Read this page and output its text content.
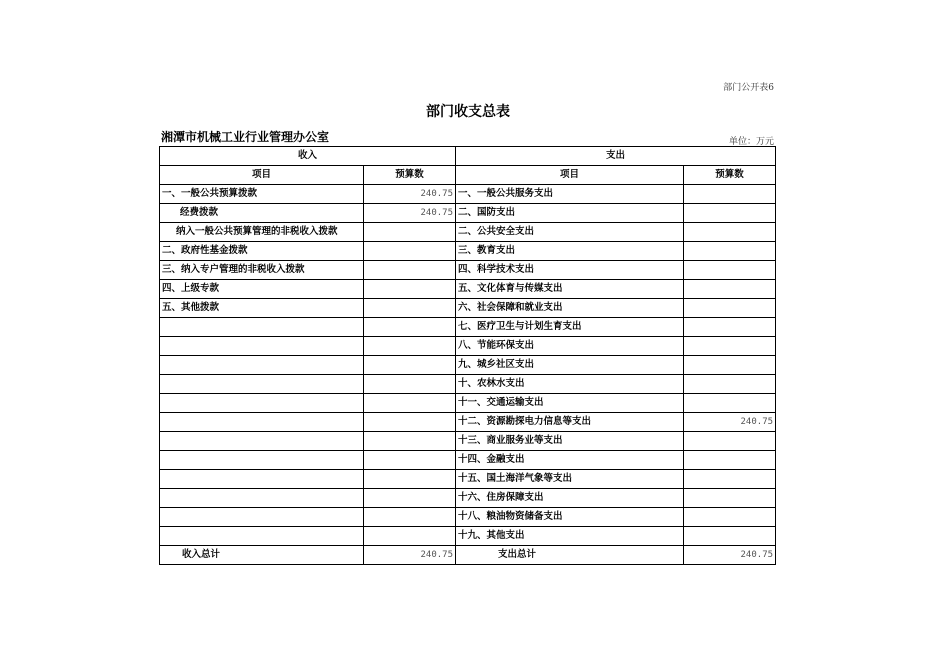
部门公开表6
部门收支总表
湘潭市机械工业行业管理办公室	单位：万元
收入		支出	
项目	预算数	项目	预算数
一、一般公共预算拨款	240.75	一、一般公共服务支出	
经费拨款	240.75	二、国防支出	
纳入一般公共预算管理的非税收入拨款		二、公共安全支出	
二、政府性基金拨款		三、教育支出	
三、纳入专户管理的非税收入拨款		四、科学技术支出	
四、上级专款		五、文化体育与传媒支出	
五、其他拨款		六、社会保障和就业支出	
		七、医疗卫生与计划生育支出	
		八、节能环保支出	
		九、城乡社区支出	
		十、农林水支出	
		十一、交通运输支出	
		十二、资源勘探电力信息等支出	240.75
		十三、商业服务业等支出	
		十四、金融支出	
		十五、国土海洋气象等支出	
		十六、住房保障支出	
		十八、粮油物资储备支出	
		十九、其他支出	
收入总计	240.75	支出总计	240.75
